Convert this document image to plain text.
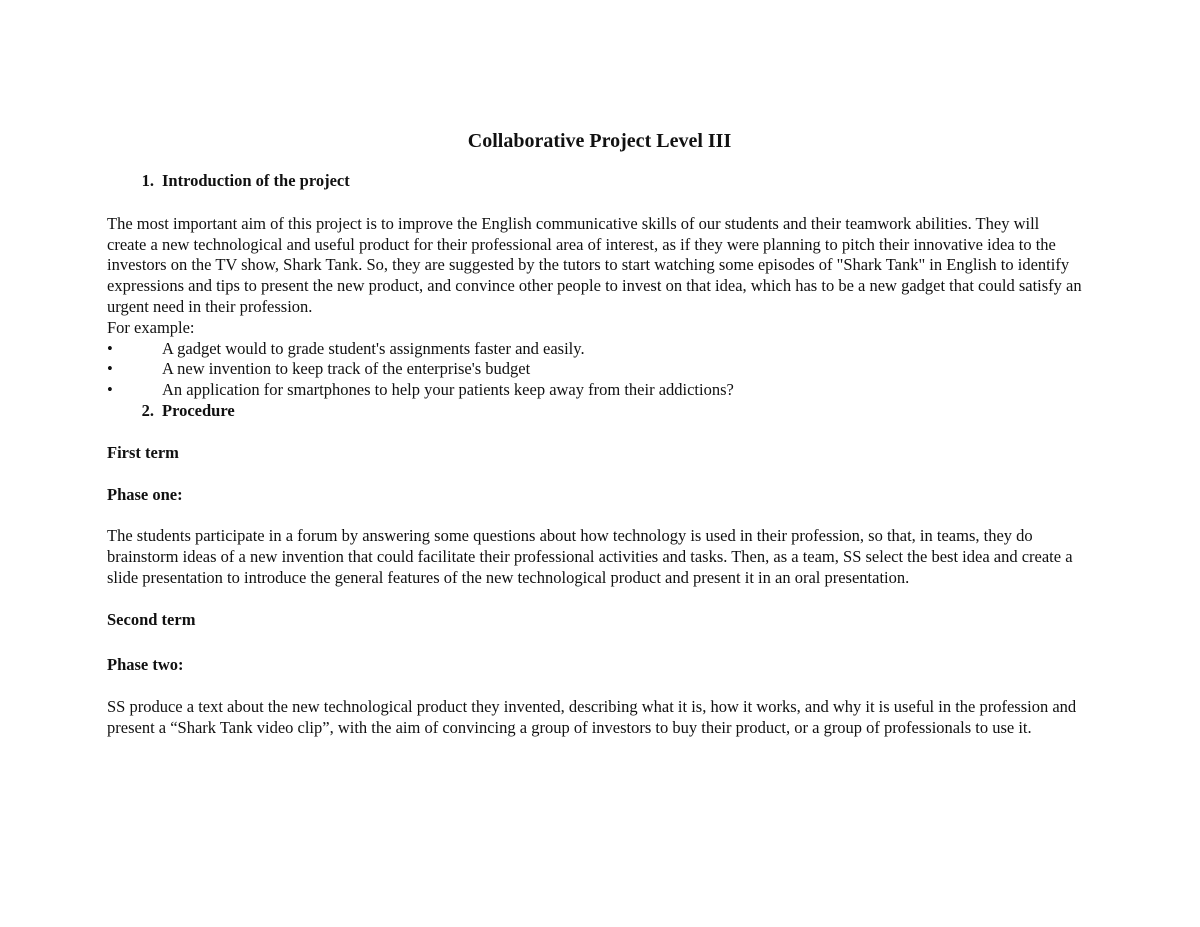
Collaborative Project Level III
1. Introduction of the project

The most important aim of this project is to improve the English communicative skills of our students and their teamwork abilities. They will create a new technological and useful product for their professional area of interest, as if they were planning to pitch their innovative idea to the investors on the TV show, Shark Tank. So, they are suggested by the tutors to start watching some episodes of "Shark Tank" in English to identify expressions and tips to present the new product, and convince other people to invest on that idea, which has to be a new gadget that could satisfy an urgent need in their profession.

For example:

•	A gadget would to grade student's assignments faster and easily.
•	A new invention to keep track of the enterprise's budget
•	An application for smartphones to help your patients keep away from their addictions?
2. Procedure

First term

Phase one:

The students participate in a forum by answering some questions about how technology is used in their profession, so that, in teams, they do brainstorm ideas of a new invention that could facilitate their professional activities and tasks. Then, as a team, SS select the best idea and create a slide presentation to introduce the general features of the new technological product and present it in an oral presentation.

Second term

Phase two:

SS produce a text about the new technological product they invented, describing what it is, how it works, and why it is useful in the profession and present a “Shark Tank video clip”, with the aim of convincing a group of investors to buy their product, or a group of professionals to use it.
